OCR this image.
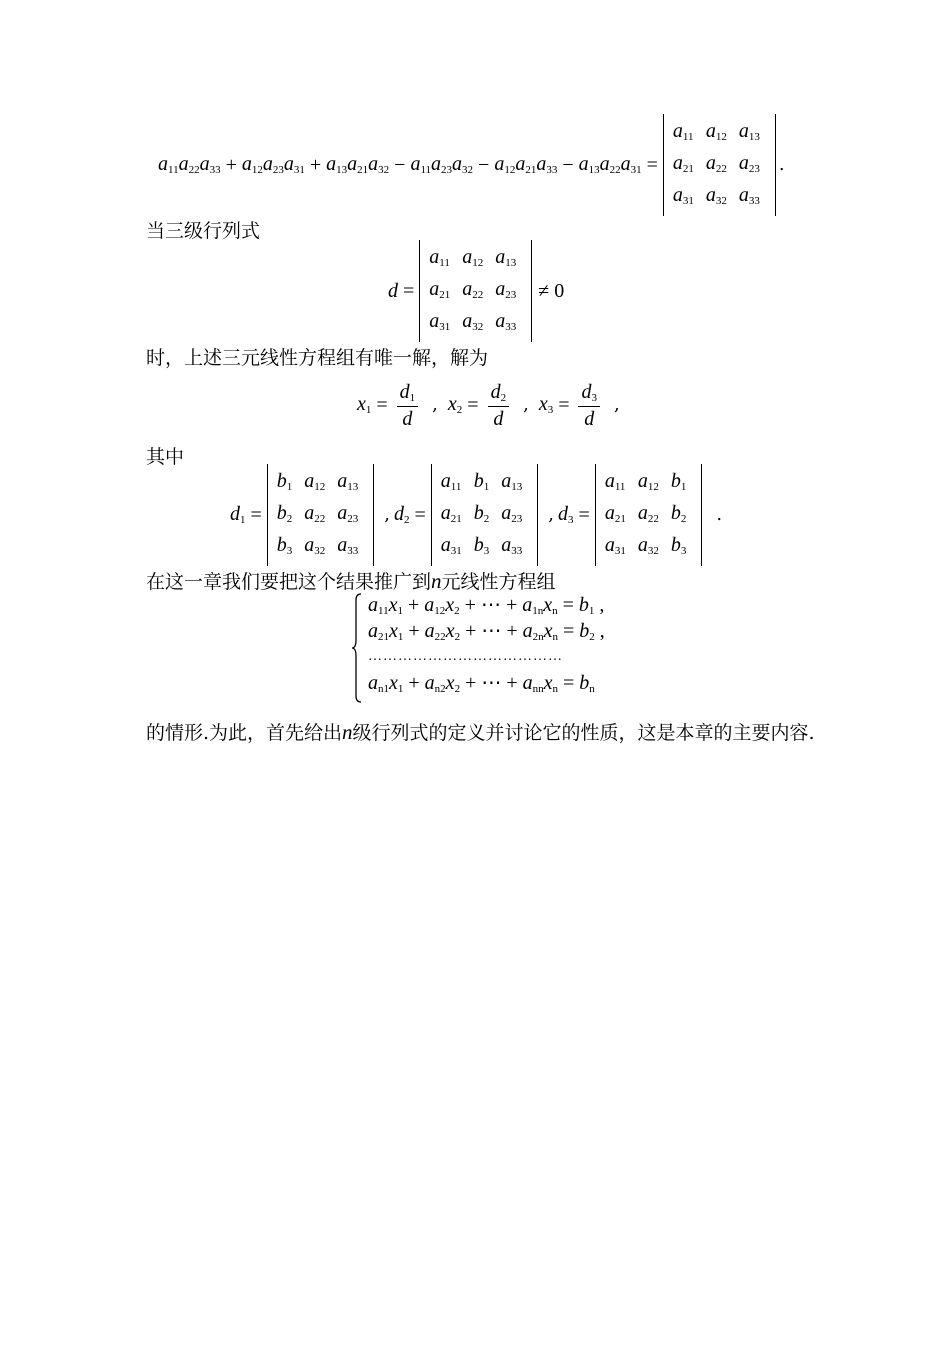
$a_{11}a_{22}a_{33} + a_{12}a_{23}a_{31} + a_{13}a_{21}a_{32} - a_{11}a_{23}a_{32} - a_{12}a_{21}a_{33} - a_{13}a_{22}a_{31}$ =
$a_{11}$	$a_{12}$	$a_{13}$
$a_{21}$	$a_{22}$	$a_{23}$
$a_{31}$	$a_{32}$	$a_{33}$
.
当三级行列式
d =
$a_{11}$	$a_{12}$	$a_{13}$
$a_{21}$	$a_{22}$	$a_{23}$
$a_{31}$	$a_{32}$	$a_{33}$
≠ 0
时，上述三元线性方程组有唯一解，解为
$x_1 = \frac{d_1}{d}$ , $x_2 = \frac{d_2}{d}$ , $x_3 = \frac{d_3}{d}$ ,
其中
$d_1$ =
$b_1$	$a_{12}$	$a_{13}$
$b_2$	$a_{22}$	$a_{23}$
$b_3$	$a_{32}$	$a_{33}$
, $d_2$ =
$a_{11}$	$b_1$	$a_{13}$
$a_{21}$	$b_2$	$a_{23}$
$a_{31}$	$b_3$	$a_{33}$
, $d_3$ =
$a_{11}$	$a_{12}$	$b_1$
$a_{21}$	$a_{22}$	$b_2$
$a_{31}$	$a_{32}$	$b_3$
.
在这一章我们要把这个结果推广到n元线性方程组
$a_{11}x_1 + a_{12}x_2$ + ⋯ + $a_{1n}x_n = b_1$ ,
$a_{21}x_1 + a_{22}x_2$ + ⋯ + $a_{2n}x_n = b_2$ ,
…………………………………
$a_{n1}x_1 + a_{n2}x_2$ + ⋯ + $a_{nn}x_n = b_n$
的情形.为此，首先给出n级行列式的定义并讨论它的性质，这是本章的主要内容.
